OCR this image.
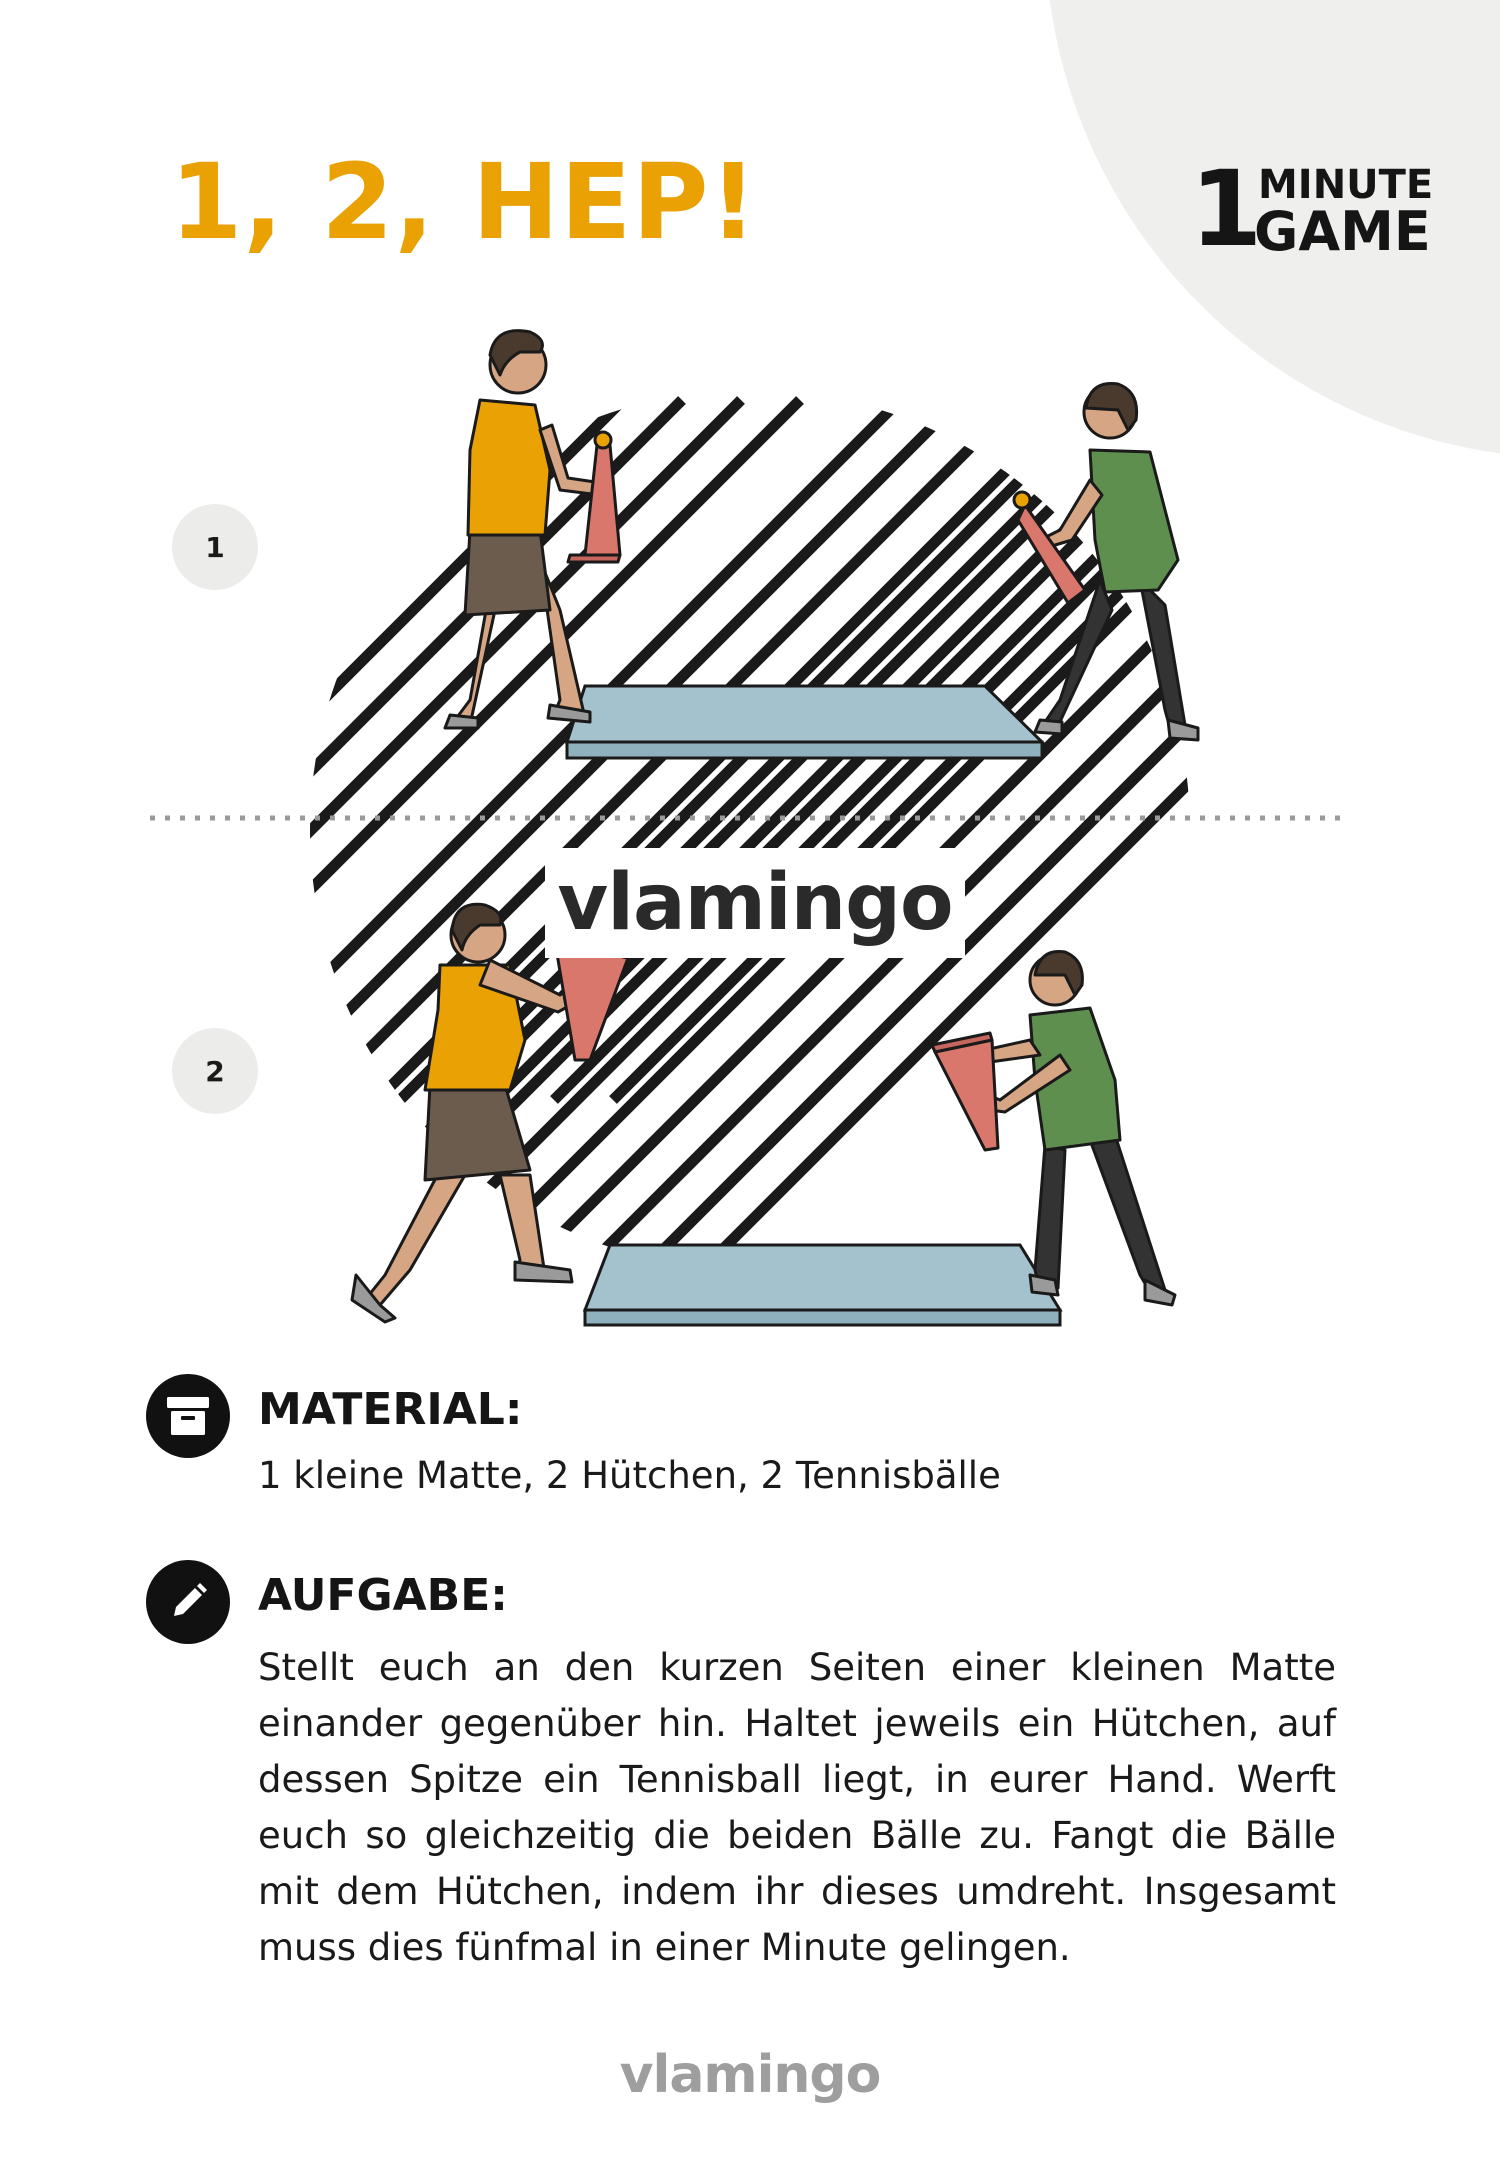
1, 2, HEP!	1
MINUTE
GAME
vlamingo
1
2
MATERIAL:

1 kleine Matte, 2 Hütchen, 2 Tennisbälle

AUFGABE:

Stellt euch an den kurzen Seiten einer kleinen Matte einander gegenüber hin. Haltet jeweils ein Hütchen, auf dessen Spitze ein Tennisball liegt, in eurer Hand. Werft euch so gleichzeitig die beiden Bälle zu. Fangt die Bälle mit dem Hütchen, indem ihr dieses umdreht. Insgesamt muss dies fünfmal in einer Minute gelingen.

vlamingo
